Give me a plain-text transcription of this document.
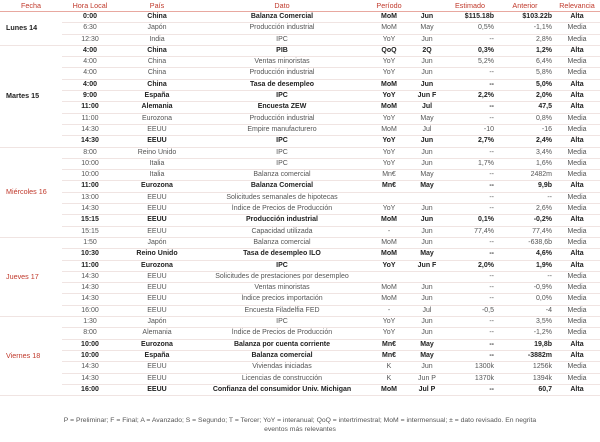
Fecha	Hora Local	País	Dato	Período		Estimado	Anterior	Relevancia
Lunes 14	0:00	China	Balanza Comercial	MoM	Jun	$115.18b	$103.22b	Alta
	6:30	Japón	Producción industrial	MoM	May	0,5%	-1,1%	Media
	12:30	India	IPC	YoY	Jun	--	2,8%	Media
Martes 15	4:00	China	PIB	QoQ	2Q	0,3%	1,2%	Alta
	4:00	China	Ventas minoristas	YoY	Jun	5,2%	6,4%	Media
	4:00	China	Producción industrial	YoY	Jun	--	5,8%	Media
	4:00	China	Tasa de desempleo	MoM	Jun	--	5,0%	Alta
	9:00	España	IPC	YoY	Jun F	2,2%	2,0%	Alta
	11:00	Alemania	Encuesta ZEW	MoM	Jul	--	47,5	Alta
	11:00	Eurozona	Producción industrial	YoY	May	--	0,8%	Media
	14:30	EEUU	Empire manufacturero	MoM	Jul	-10	-16	Media
	14:30	EEUU	IPC	YoY	Jun	2,7%	2,4%	Alta
Miércoles 16	8:00	Reino Unido	IPC	YoY	Jun	--	3,4%	Media
	10:00	Italia	IPC	YoY	Jun	1,7%	1,6%	Media
	10:00	Italia	Balanza comercial	Mn€	May	--	2482m	Media
	11:00	Eurozona	Balanza Comercial	Mn€	May	--	9,9b	Alta
	13:00	EEUU	Solicitudes semanales de hipotecas			--	--	Media
	14:30	EEUU	Índice de Precios de Producción	YoY	Jun	--	2,6%	Media
	15:15	EEUU	Producción industrial	MoM	Jun	0,1%	-0,2%	Alta
	15:15	EEUU	Capacidad utilizada	-	Jun	77,4%	77,4%	Media
Jueves 17	1:50	Japón	Balanza comercial	MoM	Jun	--	-638,6b	Media
	10:30	Reino Unido	Tasa de desempleo ILO	MoM	May	--	4,6%	Alta
	11:00	Eurozona	IPC	YoY	Jun F	2,0%	1,9%	Alta
	14:30	EEUU	Solicitudes de prestaciones por desempleo			--	--	Media
	14:30	EEUU	Ventas minoristas	MoM	Jun	--	-0,9%	Media
	14:30	EEUU	Índice precios importación	MoM	Jun	--	0,0%	Media
	16:00	EEUU	Encuesta Filadelfia FED	-	Jul	-0,5	-4	Media
Viernes 18	1:30	Japón	IPC	YoY	Jun	--	3,5%	Media
	8:00	Alemania	Índice de Precios de Producción	YoY	Jun	--	-1,2%	Media
	10:00	Eurozona	Balanza por cuenta corriente	Mn€	May	--	19,8b	Alta
	10:00	España	Balanza comercial	Mn€	May	--	-3882m	Alta
	14:30	EEUU	Viviendas iniciadas	K	Jun	1300k	1256k	Media
	14:30	EEUU	Licencias de construcción	K	Jun P	1370k	1394k	Media
	16:00	EEUU	Confianza del consumidor Univ. Michigan	MoM	Jul P	--	60,7	Alta
P = Preliminar; F = Final; A = Avanzado; S = Segundo; T = Tercer; YoY = interanual; QoQ = intertrimestral; MoM = intermensual; ± = dato revisado. En negrita
eventos más relevantes
